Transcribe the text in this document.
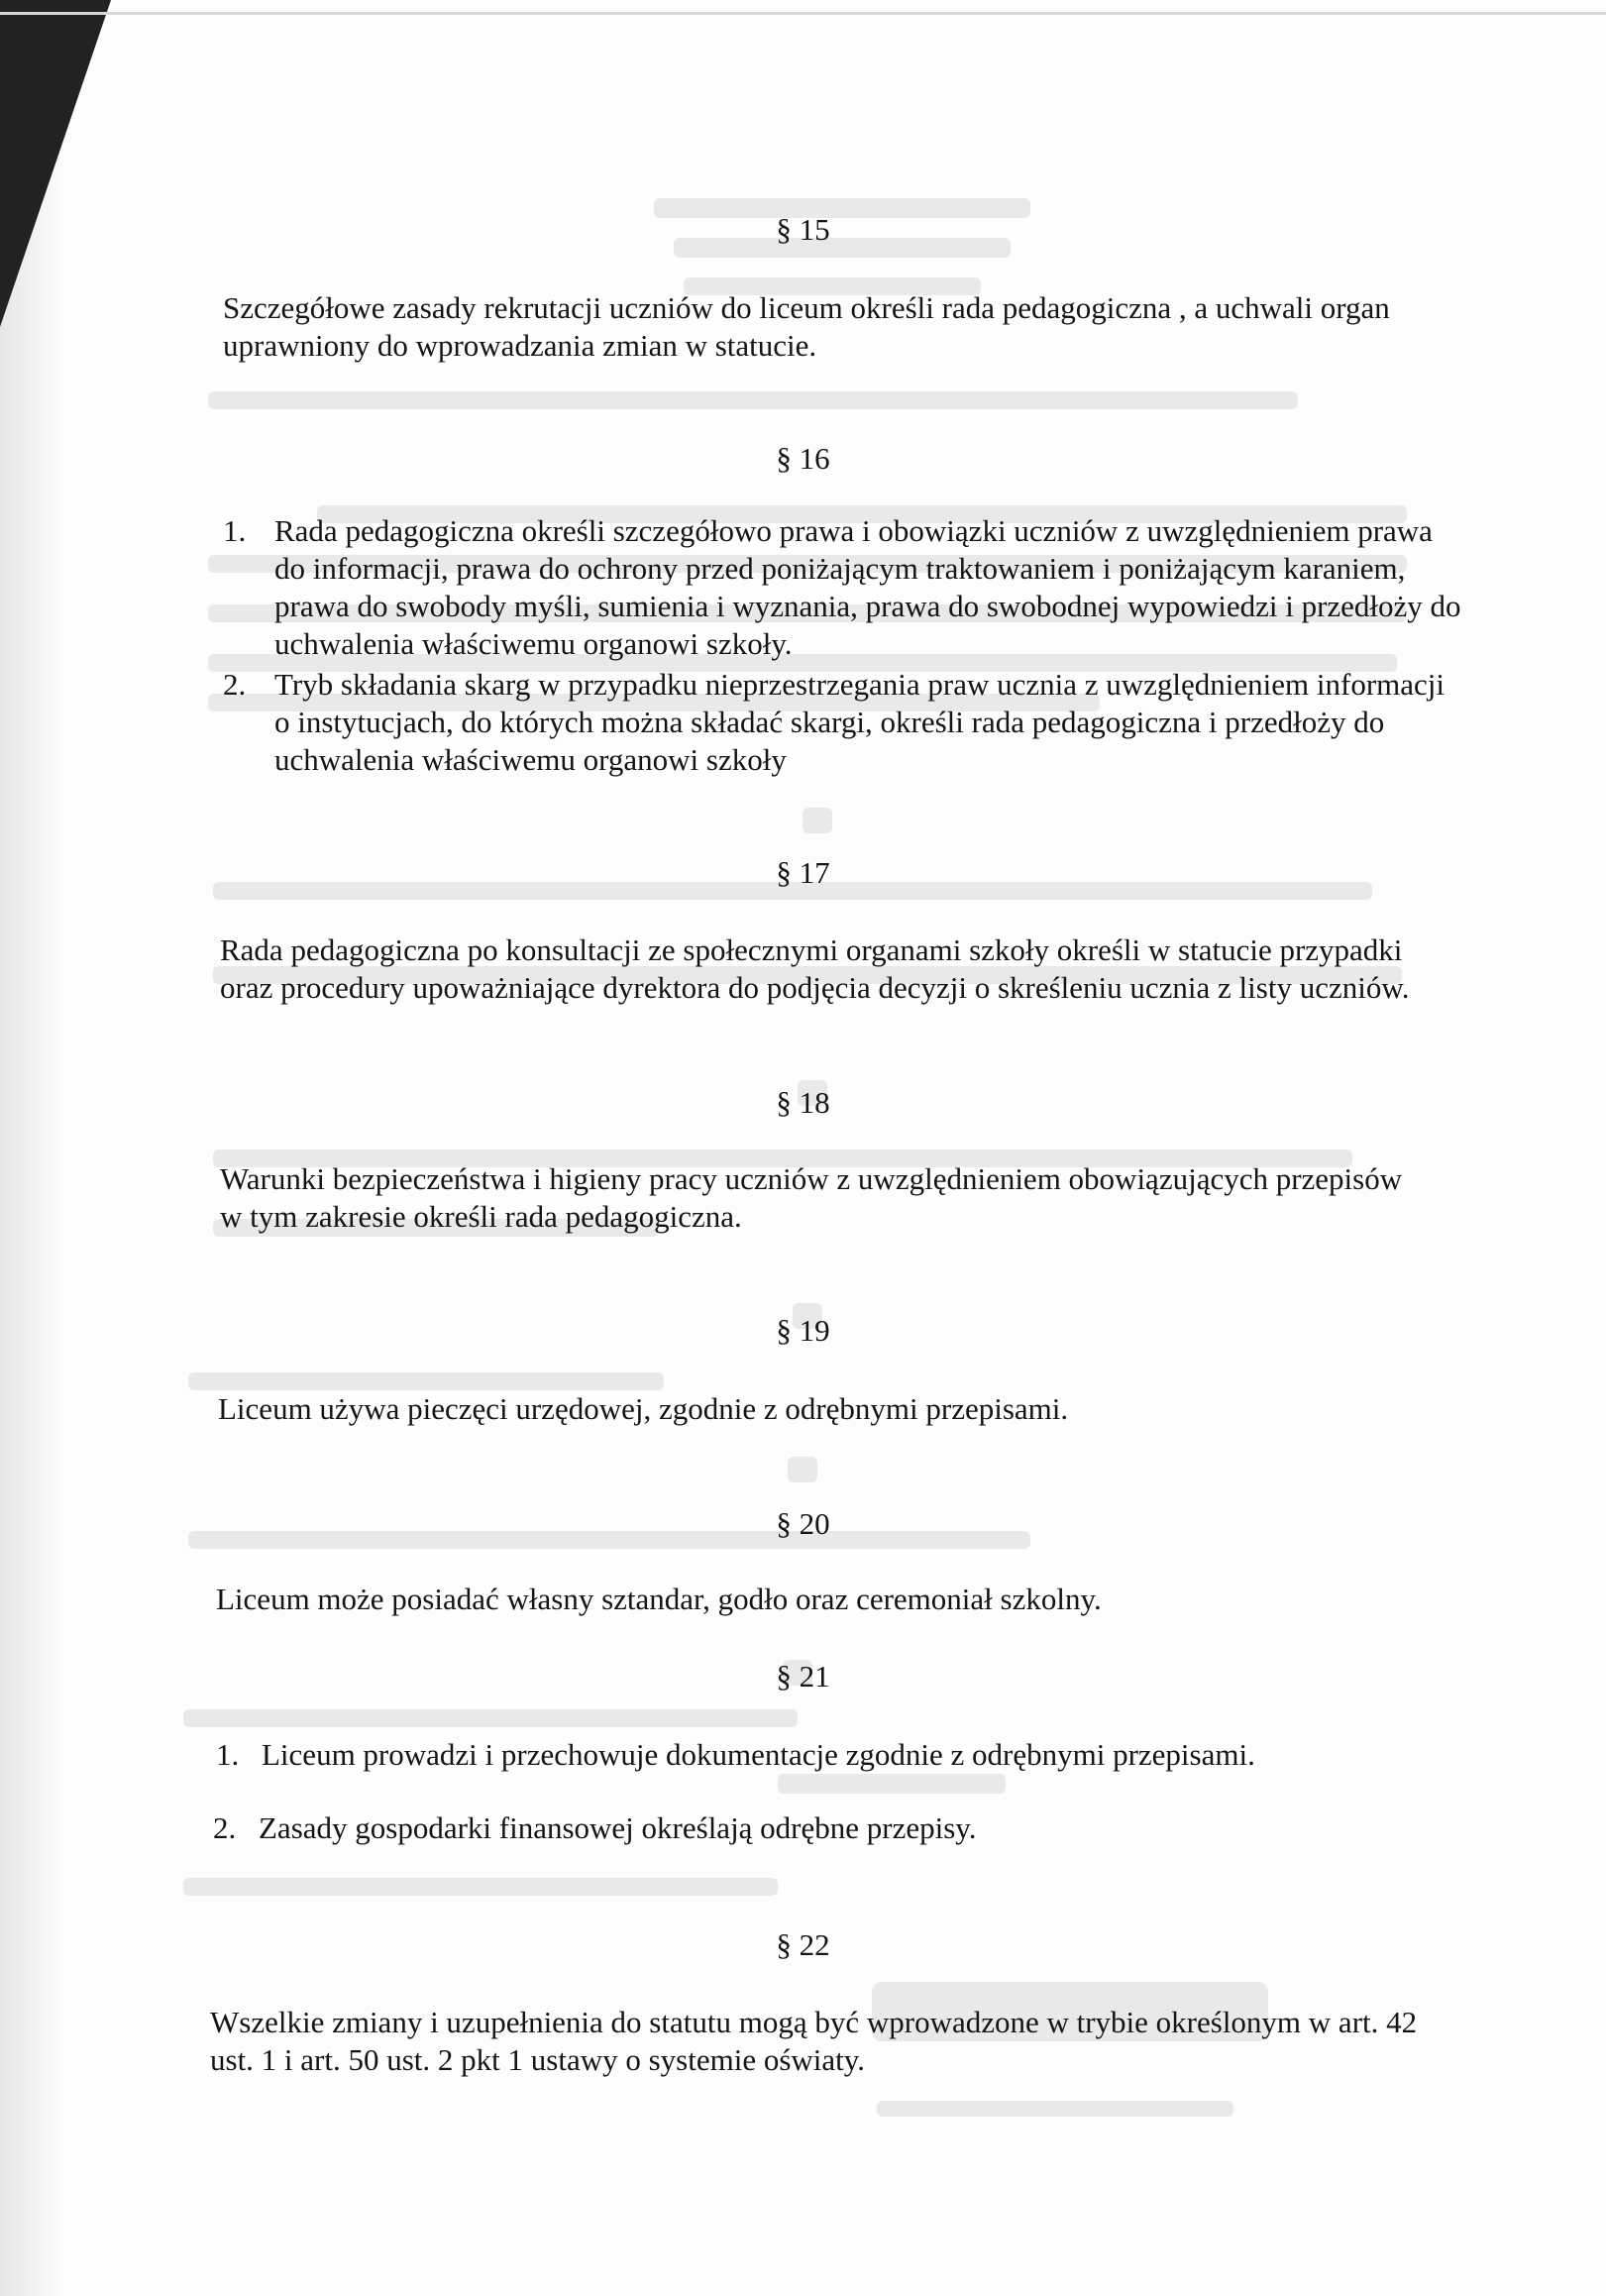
§ 15
Szczegółowe zasady rekrutacji uczniów do liceum określi rada pedagogiczna , a uchwali organ uprawniony do wprowadzania zmian w statucie.
§ 16
1. Rada pedagogiczna określi szczegółowo prawa i obowiązki uczniów z uwzględnieniem prawa do informacji, prawa do ochrony przed poniżającym traktowaniem i poniżającym karaniem, prawa do swobody myśli, sumienia i wyznania, prawa do swobodnej wypowiedzi i przedłoży do uchwalenia właściwemu organowi szkoły.
2. Tryb składania skarg w przypadku nieprzestrzegania praw ucznia z uwzględnieniem informacji o instytucjach, do których można składać skargi, określi rada pedagogiczna i przedłoży do uchwalenia właściwemu organowi szkoły
§ 17
Rada pedagogiczna po konsultacji ze społecznymi organami szkoły określi w statucie przypadki oraz procedury upoważniające dyrektora do podjęcia decyzji o skreśleniu ucznia z listy uczniów.
§ 18
Warunki bezpieczeństwa i higieny pracy uczniów z uwzględnieniem obowiązujących przepisów w tym zakresie określi rada pedagogiczna.
§ 19
Liceum używa pieczęci urzędowej, zgodnie z odrębnymi przepisami.
§ 20
Liceum może posiadać własny sztandar, godło oraz ceremoniał szkolny.
§ 21
1. Liceum prowadzi i przechowuje dokumentacje zgodnie z odrębnymi przepisami.
2. Zasady gospodarki finansowej określają odrębne przepisy.
§ 22
Wszelkie zmiany i uzupełnienia do statutu mogą być wprowadzone w trybie określonym w art. 42 ust. 1 i art. 50 ust. 2 pkt 1 ustawy o systemie oświaty.
